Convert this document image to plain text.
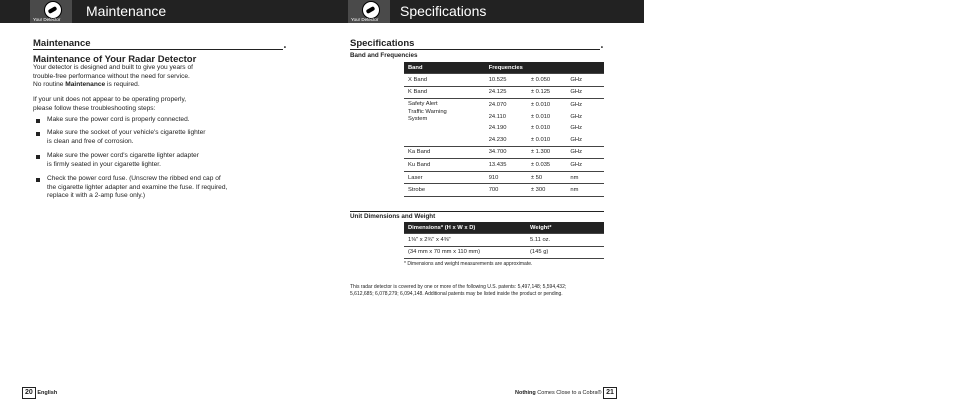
Your Detector
Maintenance
Maintenance	•
Maintenance of Your Radar Detector
Your detector is designed and built to give you years of
trouble-free performance without the need for service.
No routine Maintenance is required.
If your unit does not appear to be operating properly,
please follow these troubleshooting steps:
Make sure the power cord is properly connected.
Make sure the socket of your vehicle's cigarette lighter
is clean and free of corrosion.
Make sure the power cord's cigarette lighter adapter
is firmly seated in your cigarette lighter.
Check the power cord fuse. (Unscrew the ribbed end cap of
the cigarette lighter adapter and examine the fuse. If required,
replace it with a 2-amp fuse only.)
20 English
Your Detector
Specifications
Specifications	•
Band and Frequencies
Band	Frequencies		
X Band	10.525	± 0.050	GHz
K Band	24.125	± 0.125	GHz

Safety Alert
Traffic Warning
System	24.070	± 0.010	GHz
	24.110	± 0.010	GHz
	24.190	± 0.010	GHz
	24.230	± 0.010	GHz
Ka Band	34.700	± 1.300	GHz
Ku Band	13.435	± 0.035	GHz
Laser	910	± 50	nm
Strobe	700	± 300	nm
Unit Dimensions and Weight
Dimensions* (H x W x D)	Weight*
1⅜" x 2¾" x 4⅜"	5.11 oz.
(34 mm x 70 mm x 110 mm)	(145 g)
* Dimensions and weight measurements are approximate.
This radar detector is covered by one or more of the following U.S. patents: 5,497,148; 5,594,432;
5,612,685; 6,078,279; 6,094,148. Additional patents may be listed inside the product or pending.
Nothing Comes Close to a Cobra® 21
